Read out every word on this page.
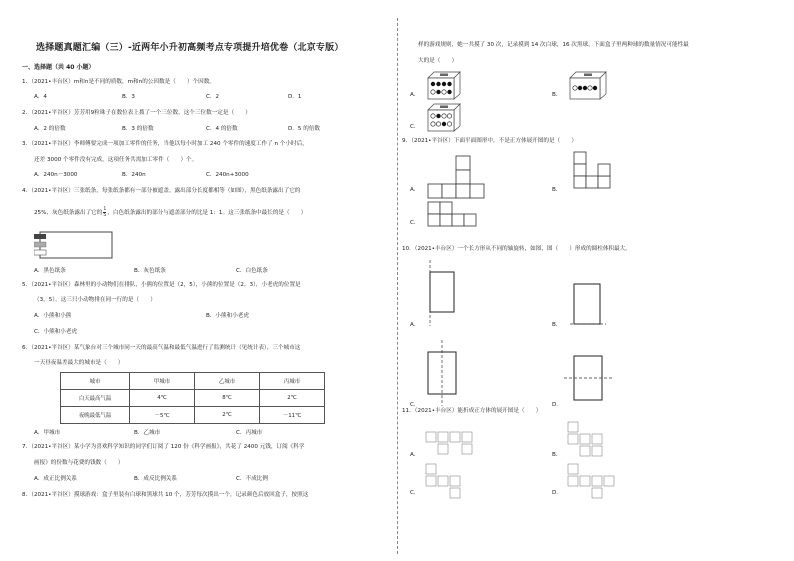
选择题真题汇编（三）-近两年小升初高频考点专项提升培优卷（北京专版）
一、选择题（共 40 小题）
1．（2021•丰台区）m和n是不同的质数，m和n的公因数是（　　）个因数。
A．4	B．3	C．2	D．1
2．（2021•平谷区）芳芳用9粒珠子在数位表上拨了一个三位数，这个三位数一定是（　　）
A．2 的倍数	B．3 的倍数	C．4 的倍数	D．5 的倍数
3．（2021•平谷区）李师傅要完成一项加工零件的任务，当他以每小时加工 240 个零件的速度工作了 n 个小时后，
还差 3000 个零件没有完成，这项任务共需加工零件（　　）个。
A．240n－3000	B．240n	C．240n+3000
4．（2021•平谷区）三张纸条，每张纸条都有一部分被遮盖，露出部分长度都相等（如图），黑色纸条露出了它的
25%，灰色纸条露出了它的 $\frac{1}{5}$ ，白色纸条露出的部分与遮盖部分的比是 1：1。这三张纸条中最长的是（　　）
A．黑色纸条	B．灰色纸条	C．白色纸条
5．（2021•平谷区）森林里的小动物们在排队，小熊的位置是（2，5），小熊的位置是（2，3），小老虎的位置是
（3，5）。这三只小动物排在同一行的是（　　）
A．小熊和小熊	B．小熊和小老虎
C．小熊和小老虎
6．（2021•平谷区）某气象台对三个城市同一天的最高气温和最低气温进行了监测统计（见统计表），三个城市这
一天昼夜温差最大的城市是（　　）
城市	甲城市	乙城市	丙城市
白天最高气温	4℃	8℃	2℃
夜晚最低气温	－5℃	2℃	－11℃
A．甲城市	B．乙城市	C．丙城市
7．（2021•平谷区）某小学为喜欢科学知识的同学们订阅了 120 份《科学画报》，共花了 2400 元钱，订阅《科学
画报》的份数与花费的钱数（　　）
A．成正比例关系	B．成反比例关系	C．不成比例
8．（2021•平谷区）摸球游戏：盒子里装有白球和黑球共 10 个，芳芳每次摸出一个，记录颜色后放回盒子，按照这
样的游戏规则，她一共摸了 30 次，记录摸到 14 次白球，16 次黑球。下面盒子里两种球的数量情况可能性最
大的是（　　）
A．	B．
C．
9．（2021•平谷区）下面平面图形中，不是正方体展开图的是（　　）
A．	B．
C．
10．（2021•丰台区）一个长方形从不同的轴旋转，如图，图（　　）形成的圆柱体积最大。
A．	B．
C．	D．
11．（2021•丰台区）能折成正方体的展开图是（　　）
A．	B．
C．	D．
